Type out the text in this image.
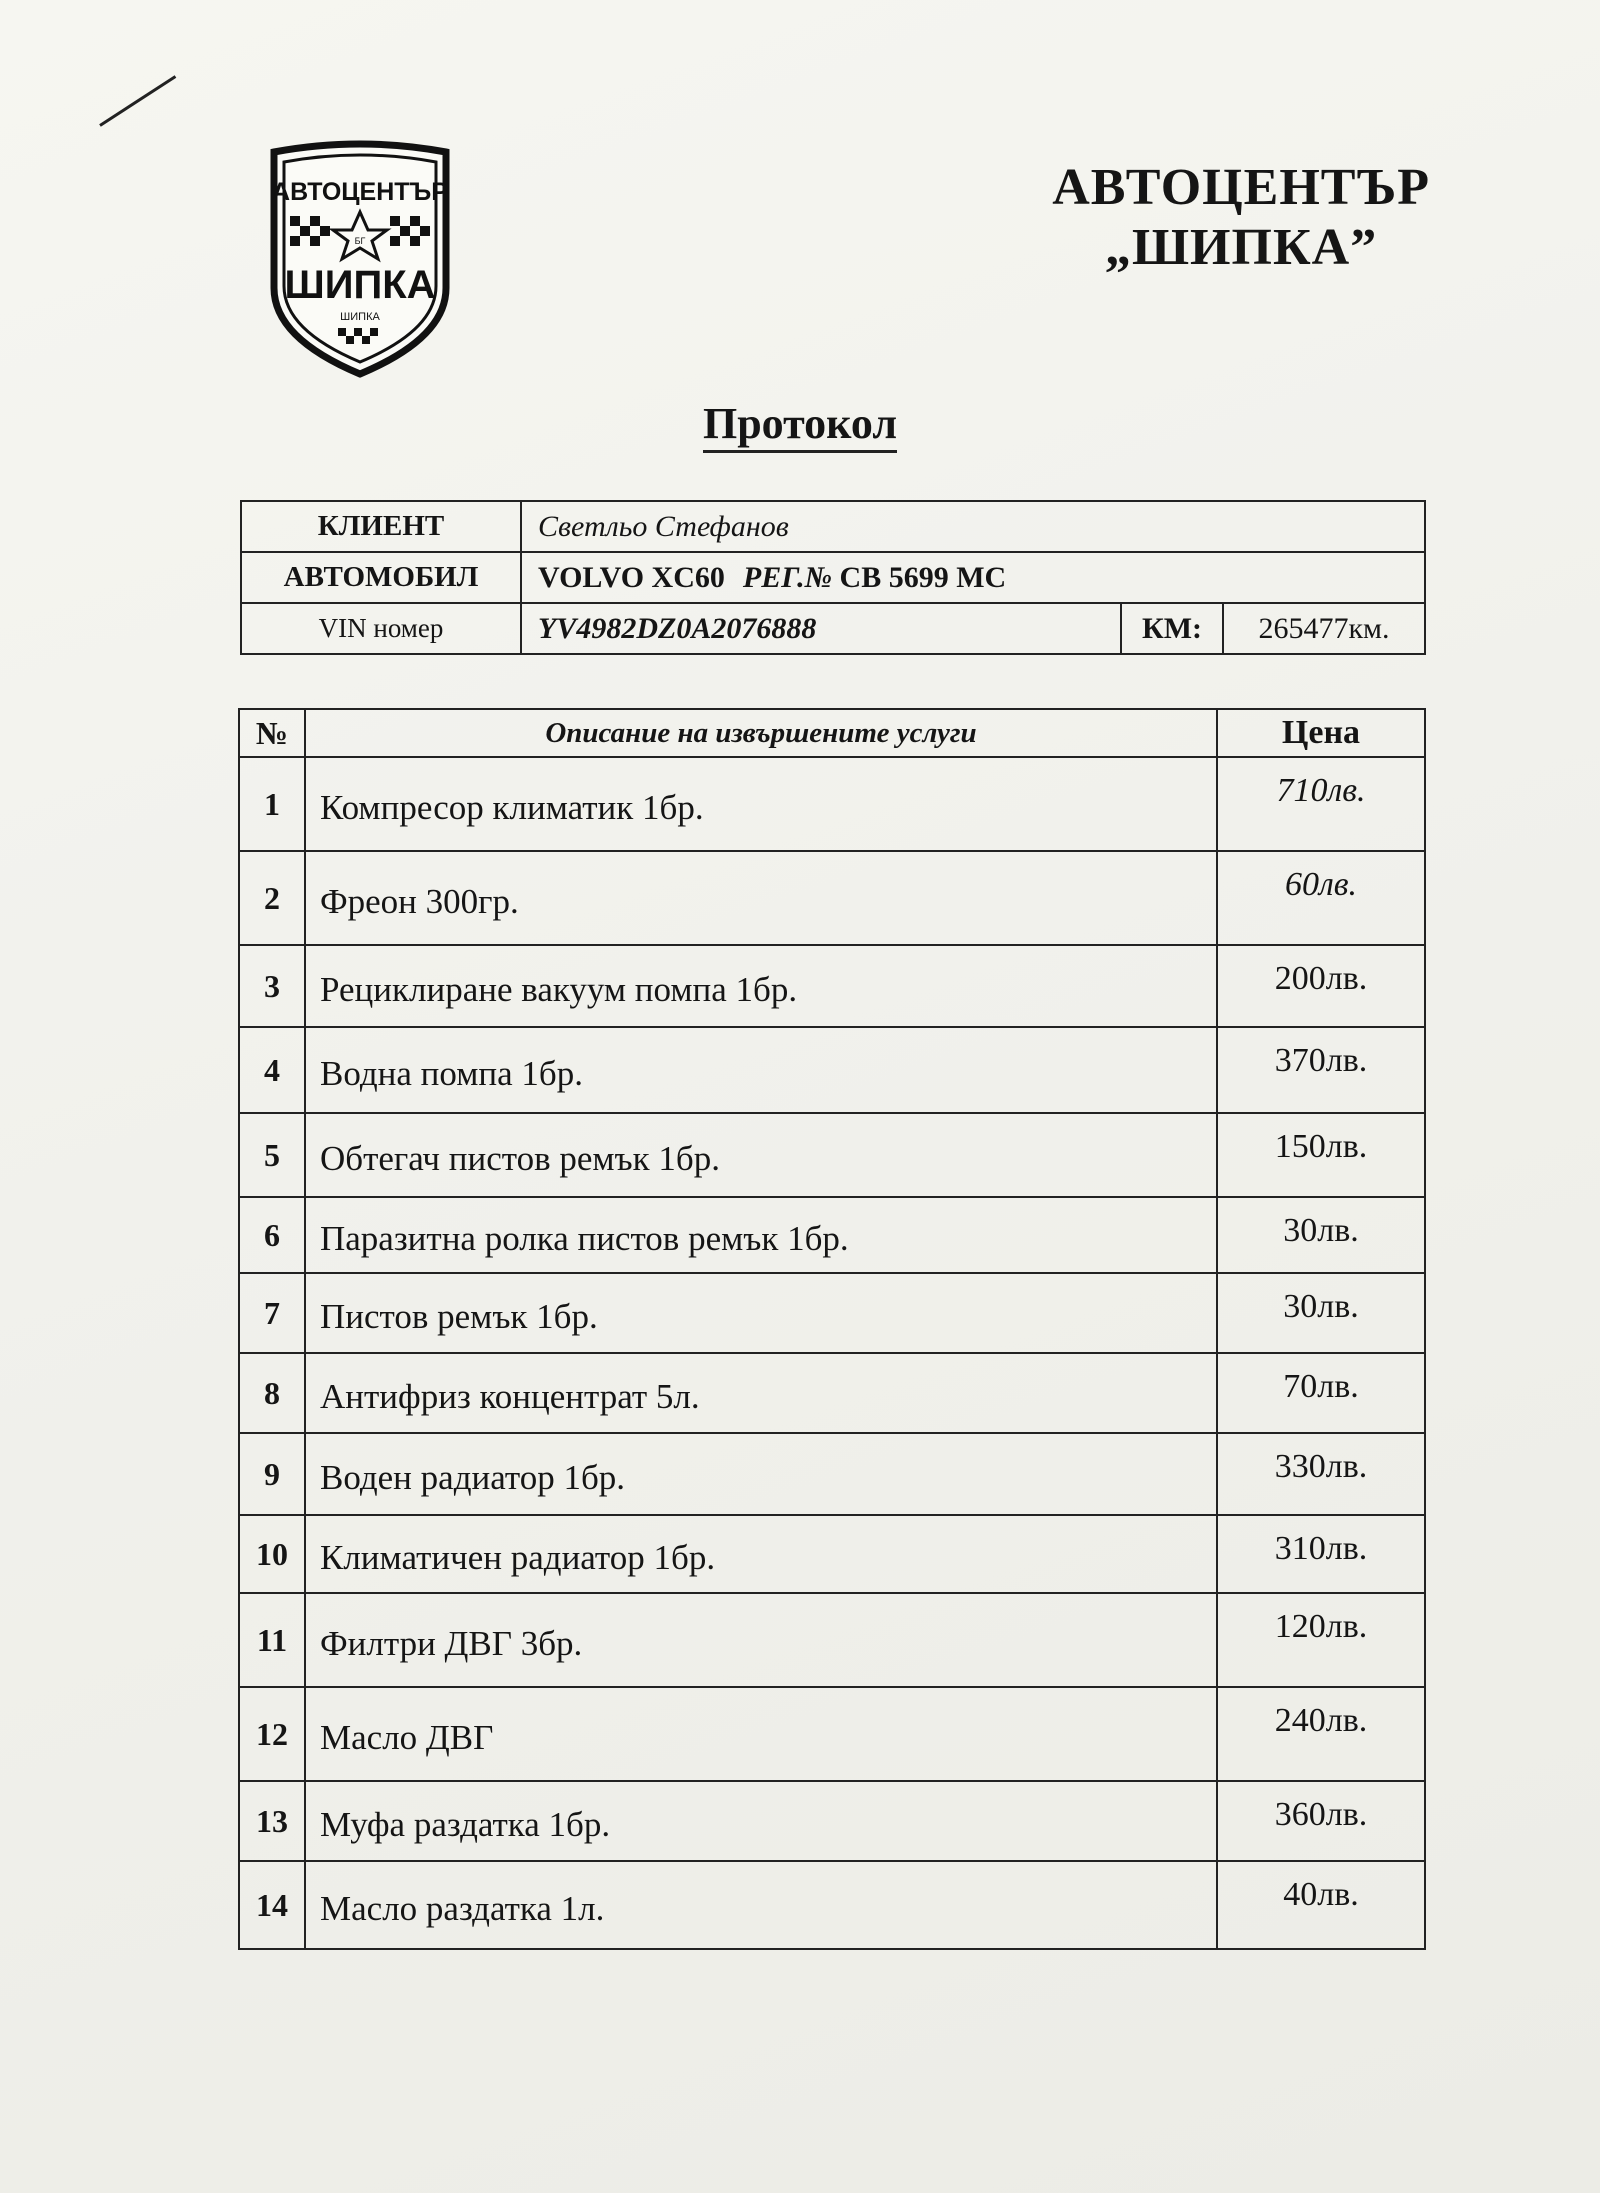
АВТОЦЕНТЪР
БГ
ШИПКА
ШИПКА
АВТОЦЕНТЪР
„ШИПКА”
Протокол
КЛИЕНТ	Светльо Стефанов		
АВТОМОБИЛ	VOLVO XC60 РЕГ.№ CB 5699 MC		
VIN номер	YV4982DZ0A2076888	КМ:	265477км.
№	Описание на извършените услуги	Цена
1	Компресор климатик 1бр.	710лв.
2	Фреон 300гр.	60лв.
3	Рециклиране вакуум помпа 1бр.	200лв.
4	Водна помпа 1бр.	370лв.
5	Обтегач пистов ремък 1бр.	150лв.
6	Паразитна ролка пистов ремък 1бр.	30лв.
7	Пистов ремък 1бр.	30лв.
8	Антифриз концентрат 5л.	70лв.
9	Воден радиатор 1бр.	330лв.
10	Климатичен радиатор 1бр.	310лв.
11	Филтри ДВГ 3бр.	120лв.
12	Масло ДВГ	240лв.
13	Муфа раздатка 1бр.	360лв.
14	Масло раздатка 1л.	40лв.
